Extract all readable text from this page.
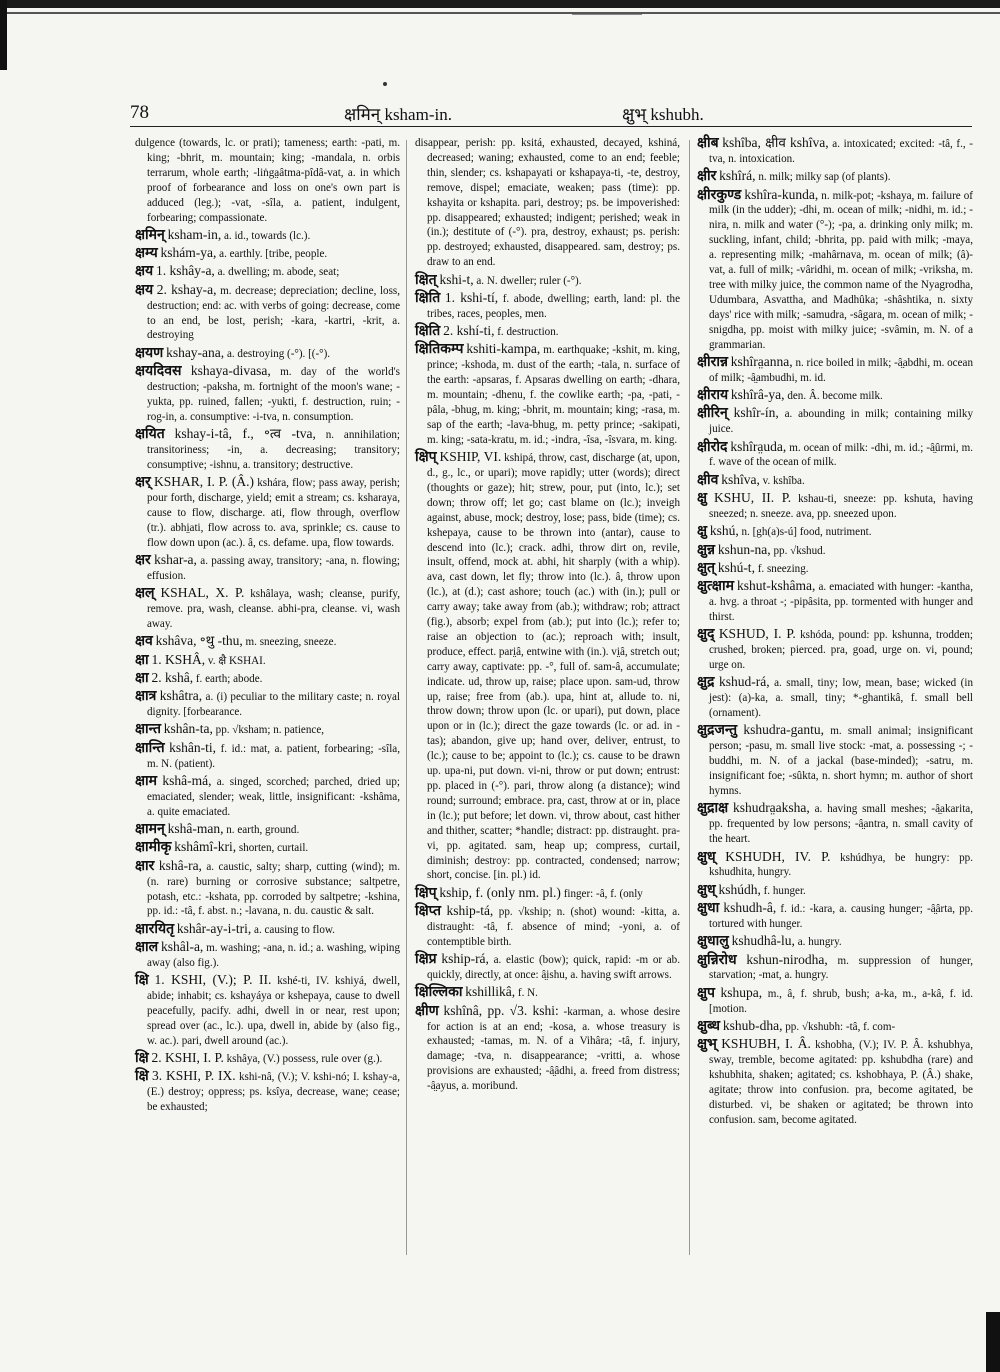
78	क्षमिन् ksham-in.	क्षुभ् kshubh.
dulgence (towards, lc. or prati); tameness; earth: -pati, m. king; -bhrit, m. mountain; king; -mandala, n. orbis terrarum, whole earth; -liṅga̤âtma-pîdâ-vat, a. in which proof of forbearance and loss on one's own part is adduced (leg.); -vat, -sîla, a. patient, indulgent, forbearing; compassionate.
क्षमिन् ksham-in, a. id., towards (lc.).
क्षम्य kshám-ya, a. earthly. [tribe, people.
क्षय 1. kshây-a, a. dwelling; m. abode, seat;
क्षय 2. kshay-a, m. decrease; depreciation; decline, loss, destruction; end: ac. with verbs of going: decrease, come to an end, be lost, perish; -kara, -kartri, -krit, a. destroying
क्षयण kshay-ana, a. destroying (-°). [(-°).
क्षयदिवस kshaya-divasa, m. day of the world's destruction; -paksha, m. fortnight of the moon's wane; -yukta, pp. ruined, fallen; -yukti, f. destruction, ruin; -rog-in, a. consumptive: -i-tva, n. consumption.
क्षयित kshay-i-tâ, f., ॰त्व -tva, n. annihilation; transitoriness; -in, a. decreasing; transitory; consumptive; -ishnu, a. transitory; destructive.
क्षर् KSHAR, I. P. (Â.) kshára, flow; pass away, perish; pour forth, discharge, yield; emit a stream; cs. ksharaya, cause to flow, discharge. ati, flow through, overflow (tr.). abhi̤ati, flow across to. ava, sprinkle; cs. cause to flow down upon (ac.). â, cs. defame. upa, flow towards.
क्षर kshar-a, a. passing away, transitory; -ana, n. flowing; effusion.
क्षल् KSHAL, X. P. kshâlaya, wash; cleanse, purify, remove. pra, wash, cleanse. abhi-pra, cleanse. vi, wash away.
क्षव kshâva, ॰थु -thu, m. sneezing, sneeze.
क्षा 1. KSHÂ, v. क्षै KSHAI.
क्षा 2. kshâ, f. earth; abode.
क्षात्र kshâtra, a. (i) peculiar to the military caste; n. royal dignity. [forbearance.
क्षान्त kshân-ta, pp. √ksham; n. patience,
क्षान्ति kshân-ti, f. id.: mat, a. patient, forbearing; -sîla, m. N. (patient).
क्षाम kshâ-má, a. singed, scorched; parched, dried up; emaciated, slender; weak, little, insignificant: -kshâma, a. quite emaciated.
क्षामन् kshâ-man, n. earth, ground.
क्षामीकृ kshâmî-kri, shorten, curtail.
क्षार kshâ-ra, a. caustic, salty; sharp, cutting (wind); m. (n. rare) burning or corrosive substance; saltpetre, potash, etc.: -kshata, pp. corroded by saltpetre; -kshina, pp. id.: -tâ, f. abst. n.; -lavana, n. du. caustic & salt.
क्षारयितृ kshâr-ay-i-tri, a. causing to flow.
क्षाल kshâl-a, m. washing; -ana, n. id.; a. washing, wiping away (also fig.).
क्षि 1. KSHI, (V.); P. II. kshé-ti, IV. kshiyá, dwell, abide; inhabit; cs. kshayáya or kshepaya, cause to dwell peacefully, pacify. adhi, dwell in or near, rest upon; spread over (ac., lc.). upa, dwell in, abide by (also fig., w. ac.). pari, dwell around (ac.).
क्षि 2. KSHI, I. P. kshâya, (V.) possess, rule over (g.).
क्षि 3. KSHI, P. IX. kshi-nâ, (V.); V. kshi-nó; I. kshay-a, (E.) destroy; oppress; ps. ksîya, decrease, wane; cease; be exhausted;
disappear, perish: pp. ksitá, exhausted, decayed, kshiná, decreased; waning; exhausted, come to an end; feeble; thin, slender; cs. kshapayati or kshapaya-ti, -te, destroy, remove, dispel; emaciate, weaken; pass (time): pp. kshayita or kshapita. pari, destroy; ps. be impoverished: pp. disappeared; exhausted; indigent; perished; weak in (in.); destitute of (-°). pra, destroy, exhaust; ps. perish: pp. destroyed; exhausted, disappeared. sam, destroy; ps. draw to an end.
क्षित् kshi-t, a. N. dweller; ruler (-°).
क्षिति 1. kshi-tí, f. abode, dwelling; earth, land: pl. the tribes, races, peoples, men.
क्षिति 2. kshí-ti, f. destruction.
क्षितिकम्प kshiti-kampa, m. earthquake; -kshit, m. king, prince; -kshoda, m. dust of the earth; -tala, n. surface of the earth: -apsaras, f. Apsaras dwelling on earth; -dhara, m. mountain; -dhenu, f. the cowlike earth; -pa, -pati, -pâla, -bhug, m. king; -bhrit, m. mountain; king; -rasa, m. sap of the earth; -lava-bhug, m. petty prince; -sakipati, m. king; -sata-kratu, m. id.; -indra, -îsa, -îsvara, m. king.
क्षिप् KSHIP, VI. kshipá, throw, cast, discharge (at, upon, d., g., lc., or upari); move rapidly; utter (words); direct (thoughts or gaze); hit; strew, pour, put (into, lc.); set down; throw off; let go; cast blame on (lc.); inveigh against, abuse, mock; destroy, lose; pass, bide (time); cs. kshepaya, cause to be thrown into (antar), cause to descend into (lc.); crack. adhi, throw dirt on, revile, insult, offend, mock at. abhi, hit sharply (with a whip). ava, cast down, let fly; throw into (lc.). â, throw upon (lc.), at (d.); cast ashore; touch (ac.) with (in.); pull or carry away; take away from (ab.); withdraw; rob; attract (fig.), absorb; expel from (ab.); put into (lc.); refer to; raise an objection to (ac.); reproach with; insult, produce, effect. pari̤â, entwine with (in.). vi̤â, stretch out; carry away, captivate: pp. -°, full of. sam-â, accumulate; indicate. ud, throw up, raise; place upon. sam-ud, throw up, raise; free from (ab.). upa, hint at, allude to. ni, throw down; throw upon (lc. or upari), put down, place upon or in (lc.); direct the gaze towards (lc. or ad. in -tas); abandon, give up; hand over, deliver, entrust, to (lc.); cause to be; appoint to (lc.); cs. cause to be drawn up. upa-ni, put down. vi-ni, throw or put down; entrust: pp. placed in (-°). pari, throw along (a distance); wind round; surround; embrace. pra, cast, throw at or in, place in (lc.); put before; let down. vi, throw about, cast hither and thither, scatter; *handle; distract: pp. distraught. pra-vi, pp. agitated. sam, heap up; compress, curtail, diminish; destroy: pp. contracted, condensed; narrow; short, concise. [in. pl.) id.
क्षिप् kship, f. (only nm. pl.) finger: -â, f. (only
क्षिप्त kship-tá, pp. √kship; n. (shot) wound: -kitta, a. distraught: -tâ, f. absence of mind; -yoni, a. of contemptible birth.
क्षिप्र kship-rá, a. elastic (bow); quick, rapid: -m or ab. quickly, directly, at once: â̤ishu, a. having swift arrows.
क्षिल्लिका kshillikâ, f. N.
क्षीण kshînâ, pp. √3. kshi: -karman, a. whose desire for action is at an end; -kosa, a. whose treasury is exhausted; -tamas, m. N. of a Vihâra; -tâ, f. injury, damage; -tva, n. disappearance; -vritti, a. whose provisions are exhausted; -â̤âdhi, a. freed from distress; -â̤ayus, a. moribund.
क्षीब kshîba, क्षीव kshîva, a. intoxicated; excited: -tâ, f., -tva, n. intoxication.
क्षीर kshîrá, n. milk; milky sap (of plants).
क्षीरकुण्ड kshîra-kunda, n. milk-pot; -kshaya, m. failure of milk (in the udder); -dhi, m. ocean of milk; -nidhi, m. id.; -nira, n. milk and water (°-); -pa, a. drinking only milk; m. suckling, infant, child; -bhrita, pp. paid with milk; -maya, a. representing milk; -mahârnava, m. ocean of milk; (â)-vat, a. full of milk; -vâridhi, m. ocean of milk; -vriksha, m. tree with milky juice, the common name of the Nyagrodha, Udumbara, Asvattha, and Madhûka; -shâshtika, n. sixty days' rice with milk; -samudra, -sâgara, m. ocean of milk; -snigdha, pp. moist with milky juice; -svâmin, m. N. of a grammarian.
क्षीरान्न kshîra̤anna, n. rice boiled in milk; -â̤abdhi, m. ocean of milk; -â̤ambudhi, m. id.
क्षीराय kshîrâ-ya, den. Â. become milk.
क्षीरिन् kshîr-ín, a. abounding in milk; containing milky juice.
क्षीरोद kshîra̤uda, m. ocean of milk: -dhi, m. id.; -â̤ûrmi, m. f. wave of the ocean of milk.
क्षीव kshîva, v. kshîba.
क्षु KSHU, II. P. kshau-ti, sneeze: pp. kshuta, having sneezed; n. sneeze. ava, pp. sneezed upon.
क्षु kshú, n. [gh(a)s-ú] food, nutriment.
क्षुन्न kshun-na, pp. √kshud.
क्षुत् kshú-t, f. sneezing.
क्षुत्क्षाम kshut-kshâma, a. emaciated with hunger: -kantha, a. hvg. a throat -; -pipâsita, pp. tormented with hunger and thirst.
क्षुद् KSHUD, I. P. kshóda, pound: pp. kshunna, trodden; crushed, broken; pierced. pra, goad, urge on. vi, pound; urge on.
क्षुद्र kshud-rá, a. small, tiny; low, mean, base; wicked (in jest): (a)-ka, a. small, tiny; *-ghantikâ, f. small bell (ornament).
क्षुद्रजन्तु kshudra-gantu, m. small animal; insignificant person; -pasu, m. small live stock: -mat, a. possessing -; -buddhi, m. N. of a jackal (base-minded); -satru, m. insignificant foe; -sûkta, n. short hymn; m. author of short hymns.
क्षुद्राक्ष kshudra̤aksha, a. having small meshes; -â̤akarita, pp. frequented by low persons; -â̤antra, n. small cavity of the heart.
क्षुध् KSHUDH, IV. P. kshúdhya, be hungry: pp. kshudhita, hungry.
क्षुध् kshúdh, f. hunger.
क्षुधा kshudh-â, f. id.: -kara, a. causing hunger; -â̤ârta, pp. tortured with hunger.
क्षुधालु kshudhâ-lu, a. hungry.
क्षुन्निरोध kshun-nirodha, m. suppression of hunger, starvation; -mat, a. hungry.
क्षुप kshupa, m., â, f. shrub, bush; a-ka, m., a-kâ, f. id. [motion.
क्षुब्ध kshub-dha, pp. √kshubh: -tâ, f. com-
क्षुभ् KSHUBH, I. Â. kshobha, (V.); IV. P. Â. kshubhya, sway, tremble, become agitated: pp. kshubdha (rare) and kshubhita, shaken; agitated; cs. kshobhaya, P. (Â.) shake, agitate; throw into confusion. pra, become agitated, be disturbed. vi, be shaken or agitated; be thrown into confusion. sam, become agitated.
